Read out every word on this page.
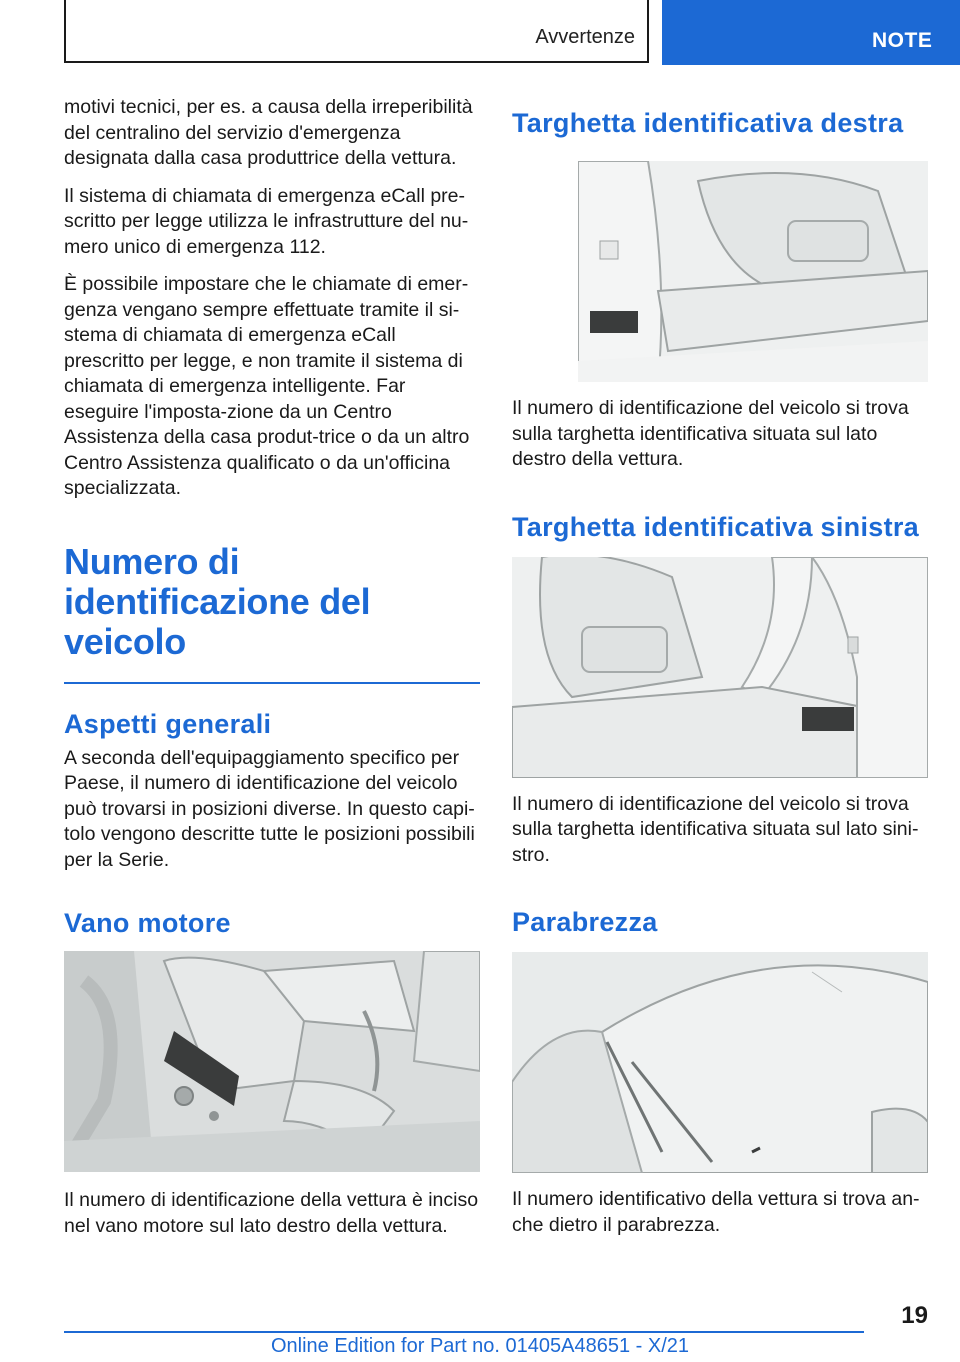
Avvertenze	NOTE

motivi tecnici, per es. a causa della irreperibilità del centralino del servizio d'emergenza designata dalla casa produttrice della vettura.

Il sistema di chiamata di emergenza eCall pre-scritto per legge utilizza le infrastrutture del nu-mero unico di emergenza 112.

È possibile impostare che le chiamate di emer-genza vengano sempre effettuate tramite il si-stema di chiamata di emergenza eCall prescritto per legge, e non tramite il sistema di chiamata di emergenza intelligente. Far eseguire l'imposta-zione da un Centro Assistenza della casa produt-trice o da un altro Centro Assistenza qualificato o da un'officina specializzata.

Numero di identificazione del veicolo
Aspetti generali

A seconda dell'equipaggiamento specifico per Paese, il numero di identificazione del veicolo può trovarsi in posizioni diverse. In questo capi-tolo vengono descritte tutte le posizioni possibili per la Serie.

Vano motore

Il numero di identificazione della vettura è inciso nel vano motore sul lato destro della vettura.

Targhetta identificativa destra

Il numero di identificazione del veicolo si trova sulla targhetta identificativa situata sul lato destro della vettura.

Targhetta identificativa sinistra

Il numero di identificazione del veicolo si trova sulla targhetta identificativa situata sul lato sini-stro.

Parabrezza

Il numero identificativo della vettura si trova an-che dietro il parabrezza.

19
Online Edition for Part no. 01405A48651 - X/21
